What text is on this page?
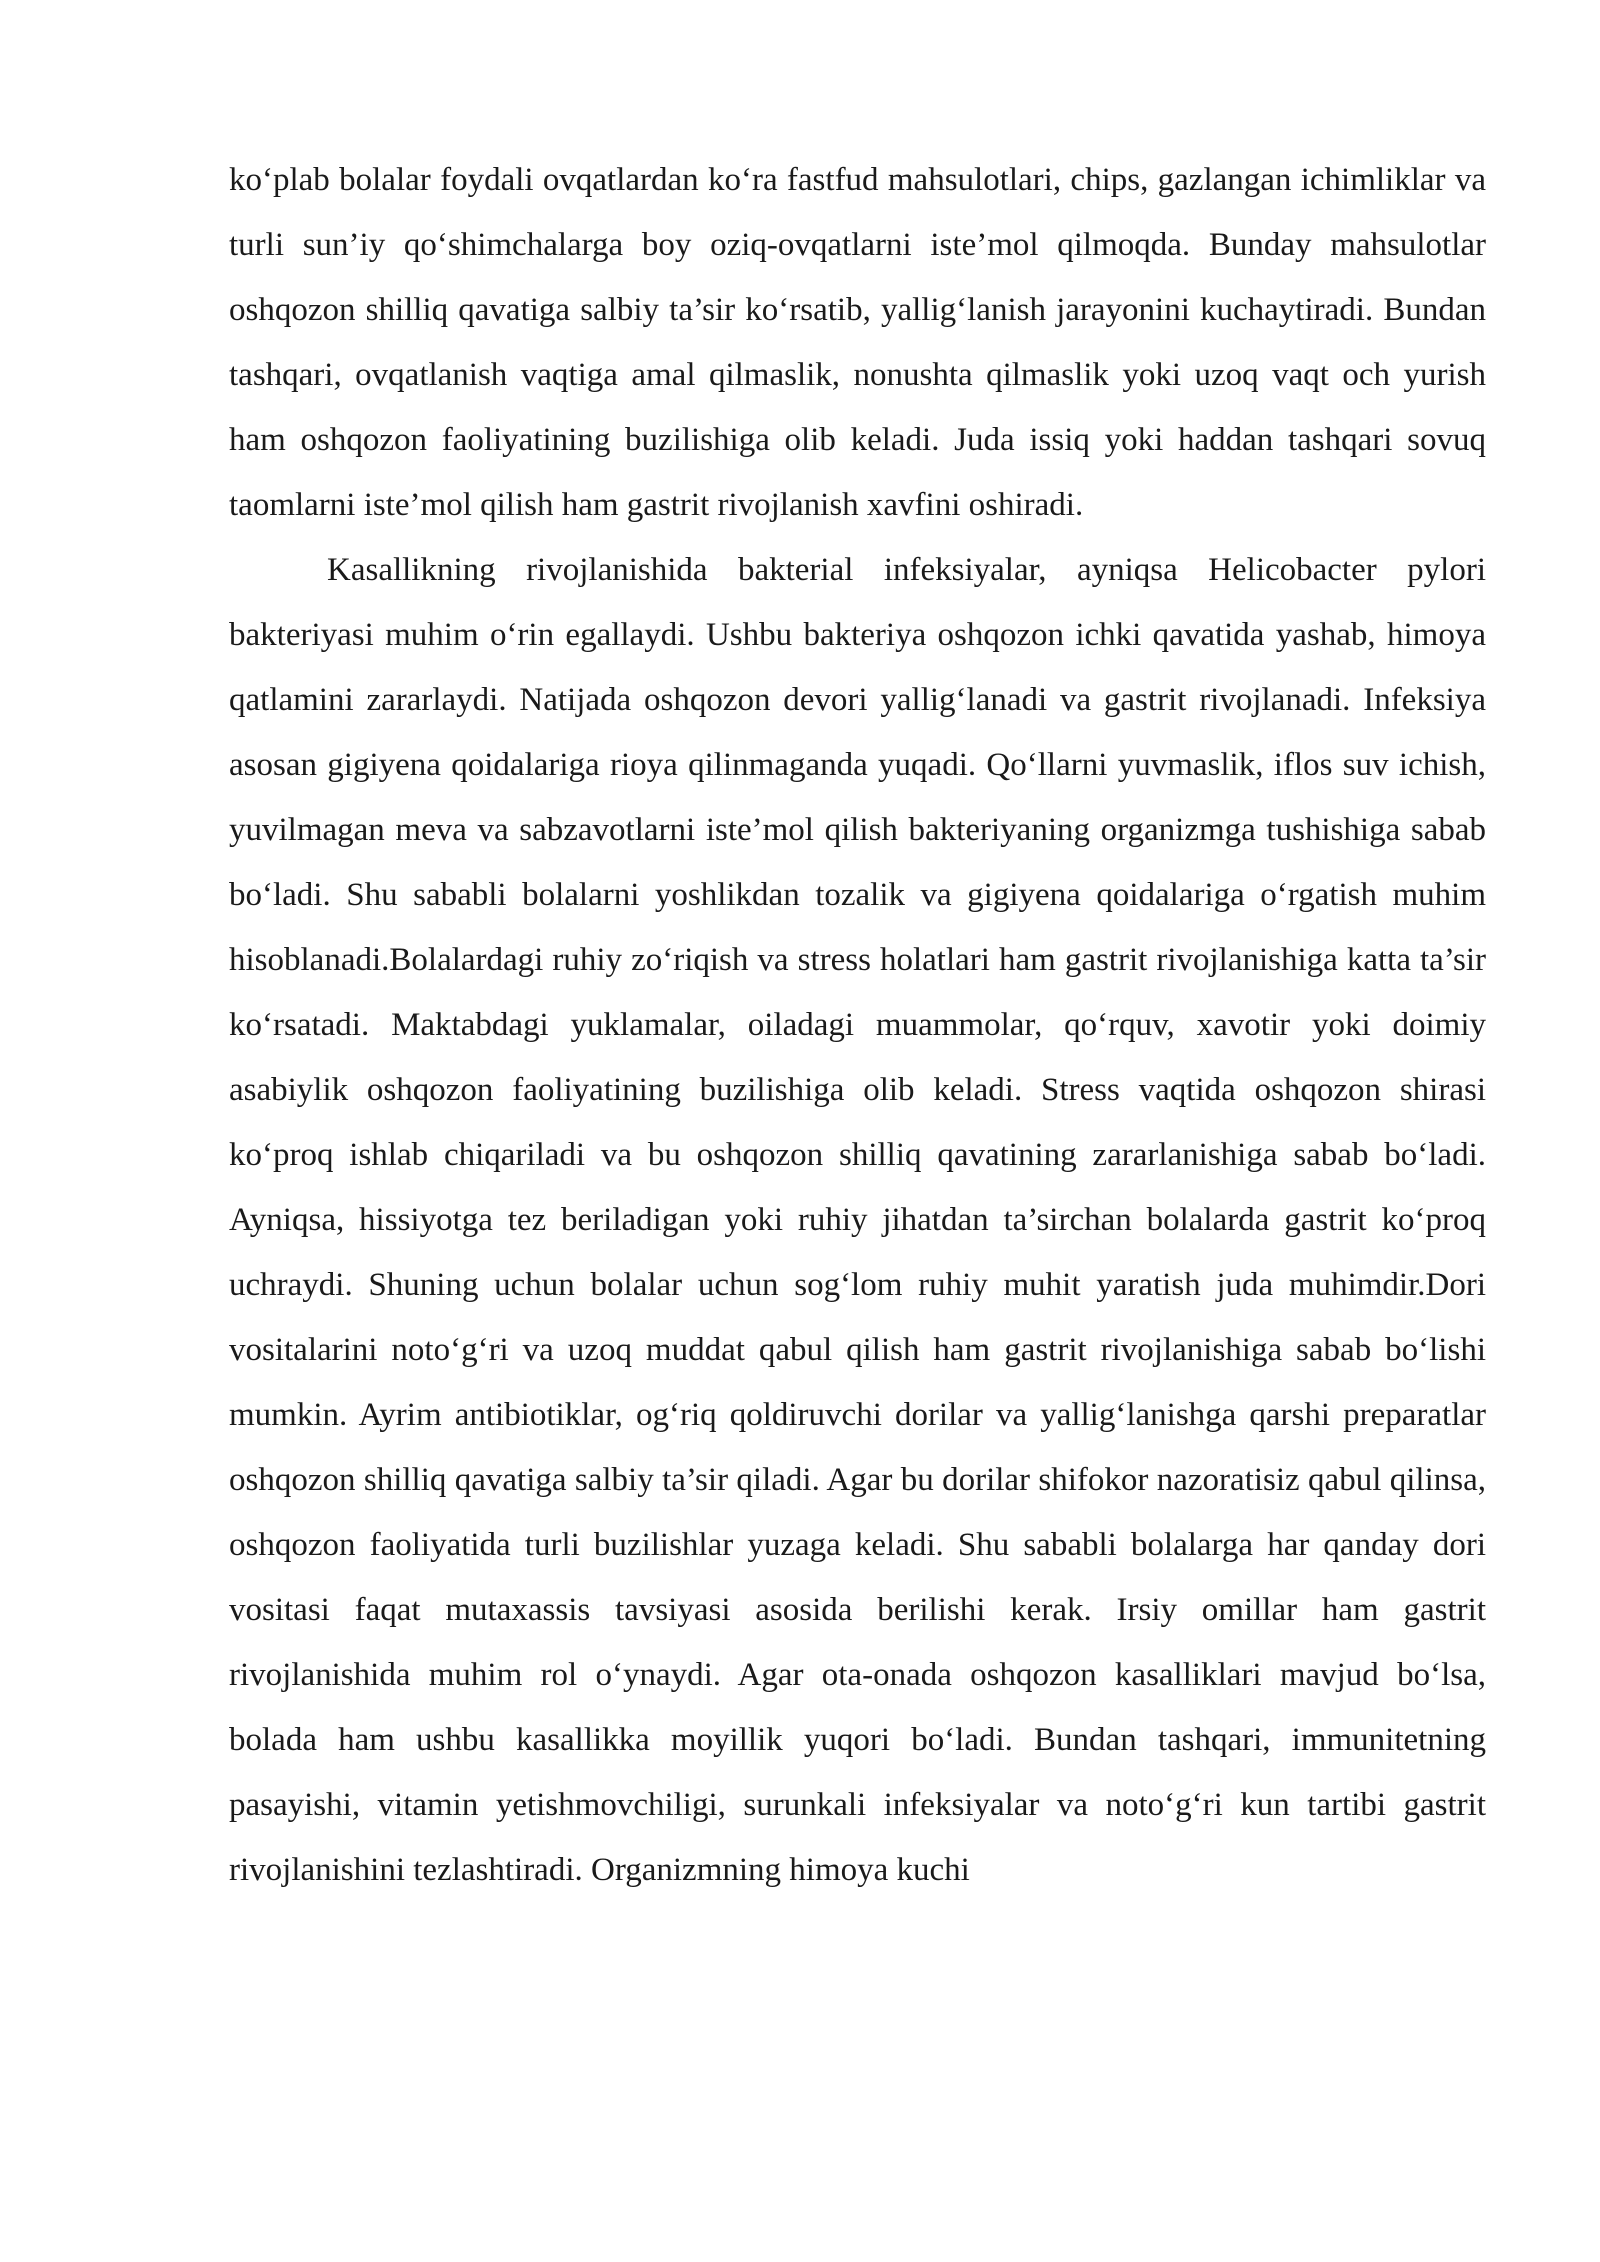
ko‘plab bolalar foydali ovqatlardan ko‘ra fastfud mahsulotlari, chips, gazlangan ichimliklar va turli sun’iy qo‘shimchalarga boy oziq-ovqatlarni iste’mol qilmoqda. Bunday mahsulotlar oshqozon shilliq qavatiga salbiy ta’sir ko‘rsatib, yallig‘lanish jarayonini kuchaytiradi. Bundan tashqari, ovqatlanish vaqtiga amal qilmaslik, nonushta qilmaslik yoki uzoq vaqt och yurish ham oshqozon faoliyatining buzilishiga olib keladi. Juda issiq yoki haddan tashqari sovuq taomlarni iste’mol qilish ham gastrit rivojlanish xavfini oshiradi.

Kasallikning rivojlanishida bakterial infeksiyalar, ayniqsa Helicobacter pylori bakteriyasi muhim o‘rin egallaydi. Ushbu bakteriya oshqozon ichki qavatida yashab, himoya qatlamini zararlaydi. Natijada oshqozon devori yallig‘lanadi va gastrit rivojlanadi. Infeksiya asosan gigiyena qoidalariga rioya qilinmaganda yuqadi. Qo‘llarni yuvmaslik, iflos suv ichish, yuvilmagan meva va sabzavotlarni iste’mol qilish bakteriyaning organizmga tushishiga sabab bo‘ladi. Shu sababli bolalarni yoshlikdan tozalik va gigiyena qoidalariga o‘rgatish muhim hisoblanadi.Bolalardagi ruhiy zo‘riqish va stress holatlari ham gastrit rivojlanishiga katta ta’sir ko‘rsatadi. Maktabdagi yuklamalar, oiladagi muammolar, qo‘rquv, xavotir yoki doimiy asabiylik oshqozon faoliyatining buzilishiga olib keladi. Stress vaqtida oshqozon shirasi ko‘proq ishlab chiqariladi va bu oshqozon shilliq qavatining zararlanishiga sabab bo‘ladi. Ayniqsa, hissiyotga tez beriladigan yoki ruhiy jihatdan ta’sirchan bolalarda gastrit ko‘proq uchraydi. Shuning uchun bolalar uchun sog‘lom ruhiy muhit yaratish juda muhimdir.Dori vositalarini noto‘g‘ri va uzoq muddat qabul qilish ham gastrit rivojlanishiga sabab bo‘lishi mumkin. Ayrim antibiotiklar, og‘riq qoldiruvchi dorilar va yallig‘lanishga qarshi preparatlar oshqozon shilliq qavatiga salbiy ta’sir qiladi. Agar bu dorilar shifokor nazoratisiz qabul qilinsa, oshqozon faoliyatida turli buzilishlar yuzaga keladi. Shu sababli bolalarga har qanday dori vositasi faqat mutaxassis tavsiyasi asosida berilishi kerak. Irsiy omillar ham gastrit rivojlanishida muhim rol o‘ynaydi. Agar ota-onada oshqozon kasalliklari mavjud bo‘lsa, bolada ham ushbu kasallikka moyillik yuqori bo‘ladi. Bundan tashqari, immunitetning pasayishi, vitamin yetishmovchiligi, surunkali infeksiyalar va noto‘g‘ri kun tartibi gastrit rivojlanishini tezlashtiradi. Organizmning himoya kuchi
